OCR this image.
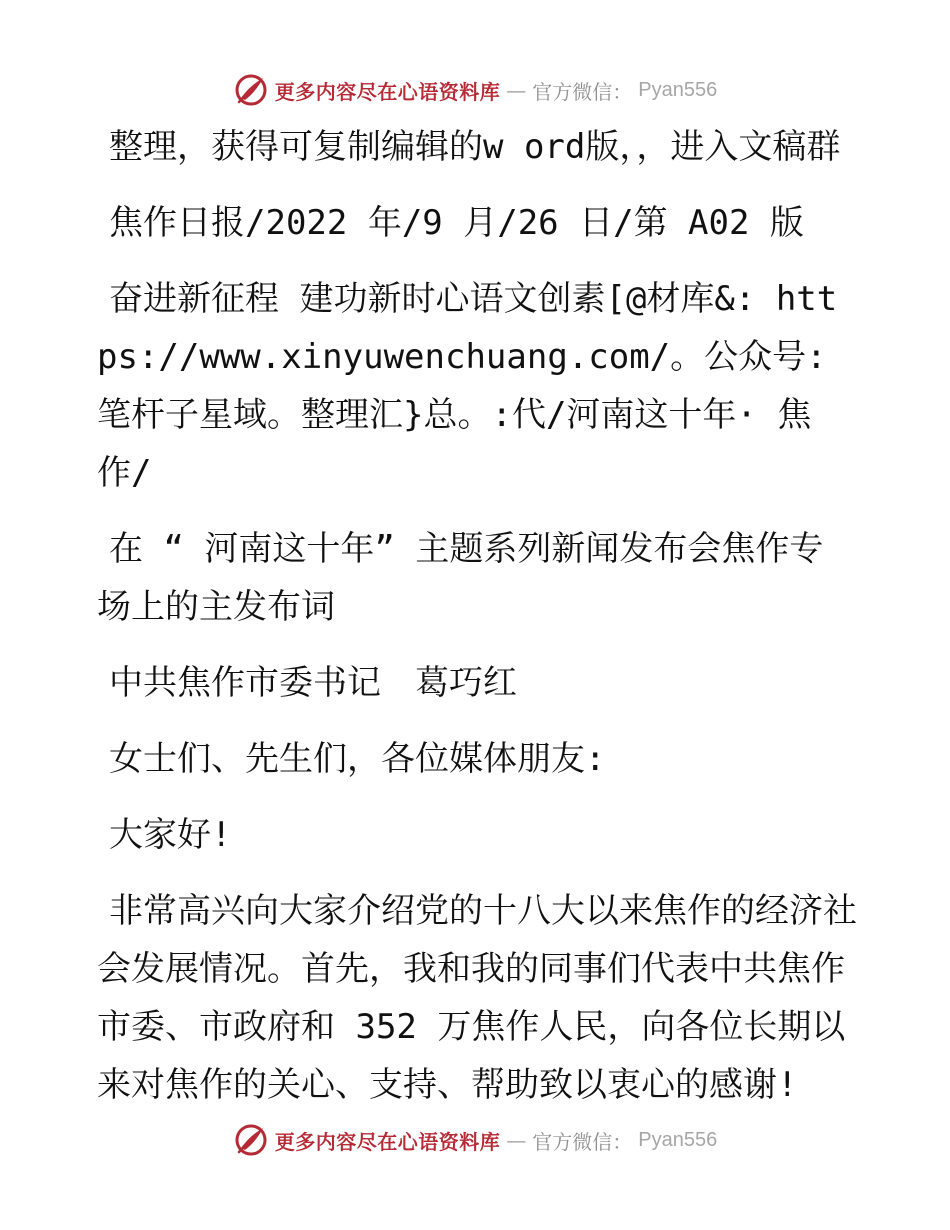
更多内容尽在心语资料库 — 官方微信： Pyan556

整理，获得可复制编辑的w ord版，，进入文稿群

焦作日报/2022 年/9 月/26 日/第 A02 版

奋进新征程 建功新时心语文创素[@材库&: https://www.xinyuwenchuang.com/。公众号: 笔杆子星域。整理汇}总。:代/河南这十年· 焦作/

在 “ 河南这十年” 主题系列新闻发布会焦作专场上的主发布词

中共焦作市委书记　葛巧红

女士们、先生们，各位媒体朋友:

大家好!

非常高兴向大家介绍党的十八大以来焦作的经济社会发展情况。首先，我和我的同事们代表中共焦作市委、市政府和 352 万焦作人民，向各位长期以来对焦作的关心、支持、帮助致以衷心的感谢!

更多内容尽在心语资料库 — 官方微信： Pyan556
